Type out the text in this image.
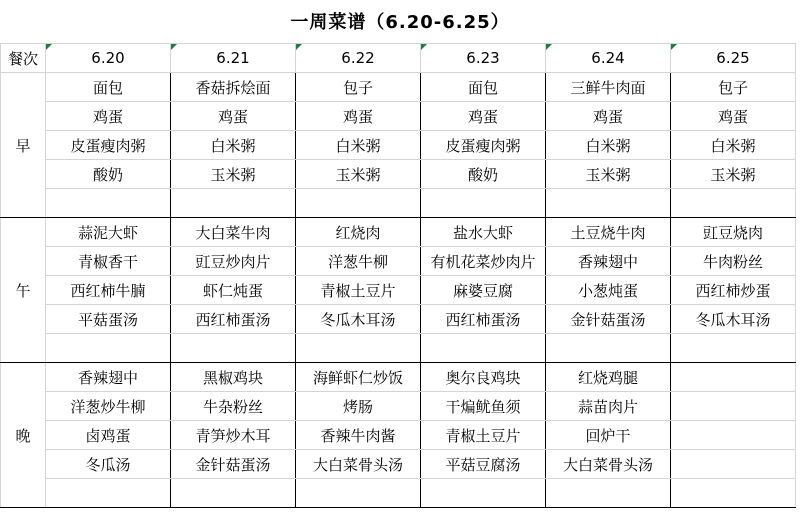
一周菜谱（6.20-6.25）
餐次	6.20	6.21	6.22	6.23	6.24	6.25
早	面包	香菇拆烩面	包子	面包	三鲜牛肉面	包子
	鸡蛋	鸡蛋	鸡蛋	鸡蛋	鸡蛋	鸡蛋
	皮蛋瘦肉粥	白米粥	白米粥	皮蛋瘦肉粥	白米粥	白米粥
	酸奶	玉米粥	玉米粥	酸奶	玉米粥	玉米粥

午	蒜泥大虾	大白菜牛肉	红烧肉	盐水大虾	土豆烧牛肉	豇豆烧肉
	青椒香干	豇豆炒肉片	洋葱牛柳	有机花菜炒肉片	香辣翅中	牛肉粉丝
	西红柿牛腩	虾仁炖蛋	青椒土豆片	麻婆豆腐	小葱炖蛋	西红柿炒蛋
	平菇蛋汤	西红柿蛋汤	冬瓜木耳汤	西红柿蛋汤	金针菇蛋汤	冬瓜木耳汤

晚	香辣翅中	黑椒鸡块	海鲜虾仁炒饭	奥尔良鸡块	红烧鸡腿	
	洋葱炒牛柳	牛杂粉丝	烤肠	干煸鱿鱼须	蒜苗肉片	
	卤鸡蛋	青笋炒木耳	香辣牛肉酱	青椒土豆片	回炉干	
	冬瓜汤	金针菇蛋汤	大白菜骨头汤	平菇豆腐汤	大白菜骨头汤	
